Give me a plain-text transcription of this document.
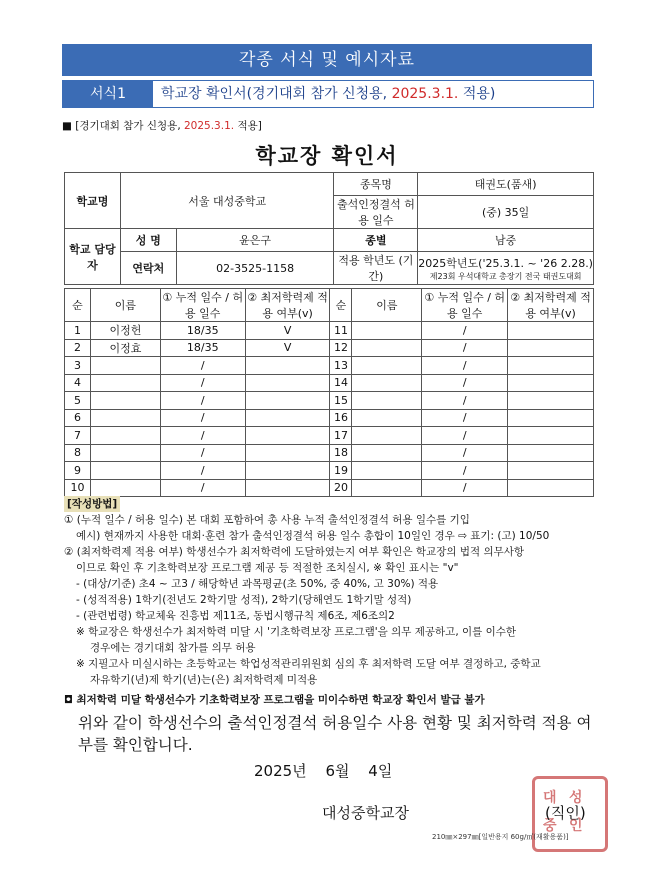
각종 서식 및 예시자료
서식1	학교장 확인서(경기대회 참가 신청용, 2025.3.1. 적용)
■ [경기대회 참가 신청용, 2025.3.1. 적용]
학교장 확인서
학교명	서울 대성중학교		종목명	태권도(품새)
			출석인정결석 허용 일수	(중) 35일
학교 담당자	성 명	윤은구	종별	남중
	연락처	02-3525-1158	적용 학년도 (기간)	2025학년도('25.3.1. ~ '26 2.28.)
제23회 우석대학교 총장기 전국 태권도대회
순	이름	① 누적 일수 / 허용 일수	② 최저학력제 적용 여부(v)	순	이름	① 누적 일수 / 허용 일수	② 최저학력제 적용 여부(v)
1	이정헌	18/35	V	11		/	
2	이정효	18/35	V	12		/	
3		/		13		/	
4		/		14		/	
5		/		15		/	
6		/		16		/	
7		/		17		/	
8		/		18		/	
9		/		19		/	
10		/		20		/	

[작성방법]

① (누적 일수 / 허용 일수) 본 대회 포함하여 총 사용 누적 출석인정결석 허용 일수를 기입

예시) 현재까지 사용한 대회·훈련 참가 출석인정결석 허용 일수 총합이 10일인 경우 ⇨ 표기: (고) 10/50

② (최저학력제 적용 여부) 학생선수가 최저학력에 도달하였는지 여부 확인은 학교장의 법적 의무사항

이므로 확인 후 기초학력보장 프로그램 제공 등 적절한 조치실시, ※ 확인 표시는 "v"

- (대상/기준) 초4 ~ 고3 / 해당학년 과목평균(초 50%, 중 40%, 고 30%) 적용

- (성적적용) 1학기(전년도 2학기말 성적), 2학기(당해연도 1학기말 성적)

- (관련법령) 학교체육 진흥법 제11조, 동법시행규칙 제6조, 제6조의2

※ 학교장은 학생선수가 최저학력 미달 시 '기초학력보장 프로그램'을 의무 제공하고, 이를 이수한

경우에는 경기대회 참가를 의무 허용

※ 지필고사 미실시하는 초등학교는 학업성적관리위원회 심의 후 최저학력 도달 여부 결정하고, 중학교

자유학기(년)제 학기(년)는(은) 최저학력제 미적용

◘ 최저학력 미달 학생선수가 기초학력보장 프로그램을 미이수하면 학교장 확인서 발급 불가

위와 같이 학생선수의 출석인정결석 허용일수 사용 현황 및 최저학력 적용 여부를 확인합니다.
2025년 6월 4일
대성중학교장
대 성
중 인
(직인)
210㎜×297㎜[일반용지 60g/㎡(재활용품)]
